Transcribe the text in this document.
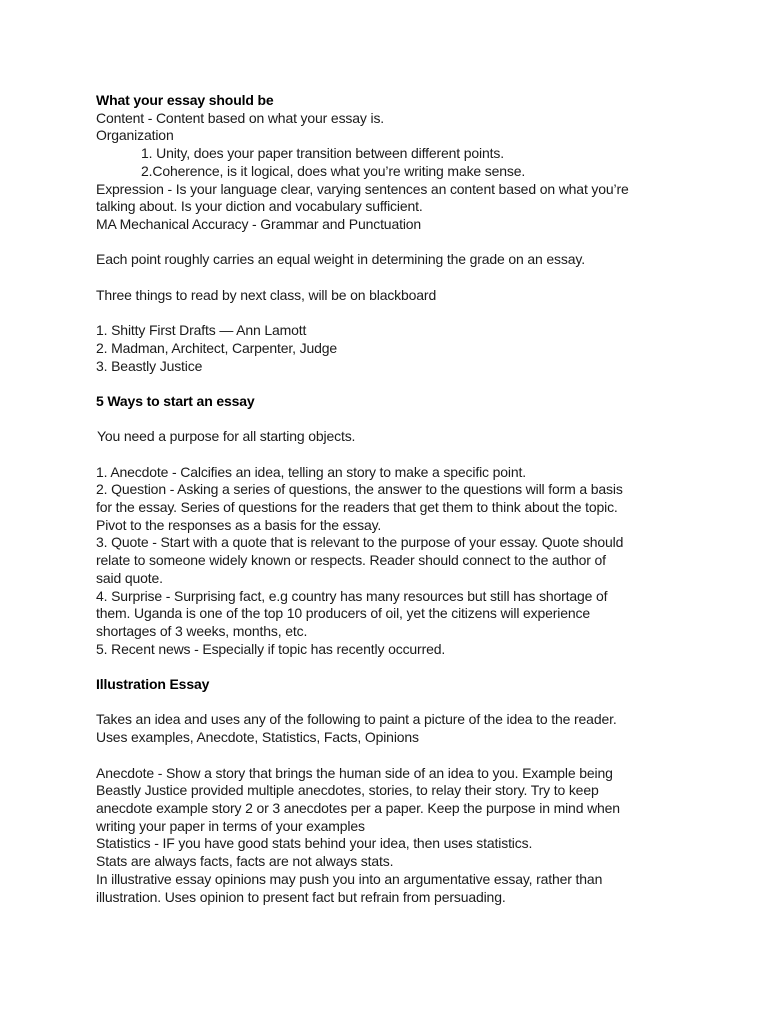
What your essay should be

Content - Content based on what your essay is.

Organization

1. Unity, does your paper transition between different points.

2.Coherence, is it logical, does what you’re writing make sense.

Expression - Is your language clear, varying sentences an content based on what you’re

talking about. Is your diction and vocabulary sufficient.

MA Mechanical Accuracy - Grammar and Punctuation

Each point roughly carries an equal weight in determining the grade on an essay.

Three things to read by next class, will be on blackboard

1. Shitty First Drafts — Ann Lamott

2. Madman, Architect, Carpenter, Judge

3. Beastly Justice

5 Ways to start an essay

You need a purpose for all starting objects.

1. Anecdote - Calcifies an idea, telling an story to make a specific point.

2. Question - Asking a series of questions, the answer to the questions will form a basis

for the essay. Series of questions for the readers that get them to think about the topic.

Pivot to the responses as a basis for the essay.

3. Quote - Start with a quote that is relevant to the purpose of your essay. Quote should

relate to someone widely known or respects. Reader should connect to the author of

said quote.

4. Surprise - Surprising fact, e.g country has many resources but still has shortage of

them. Uganda is one of the top 10 producers of oil, yet the citizens will experience

shortages of 3 weeks, months, etc.

5. Recent news - Especially if topic has recently occurred.

Illustration Essay

Takes an idea and uses any of the following to paint a picture of the idea to the reader.

Uses examples, Anecdote, Statistics, Facts, Opinions

Anecdote - Show a story that brings the human side of an idea to you. Example being

Beastly Justice provided multiple anecdotes, stories, to relay their story. Try to keep

anecdote example story 2 or 3 anecdotes per a paper. Keep the purpose in mind when

writing your paper in terms of your examples

Statistics - IF you have good stats behind your idea, then uses statistics.

Stats are always facts, facts are not always stats.

In illustrative essay opinions may push you into an argumentative essay, rather than

illustration. Uses opinion to present fact but refrain from persuading.
